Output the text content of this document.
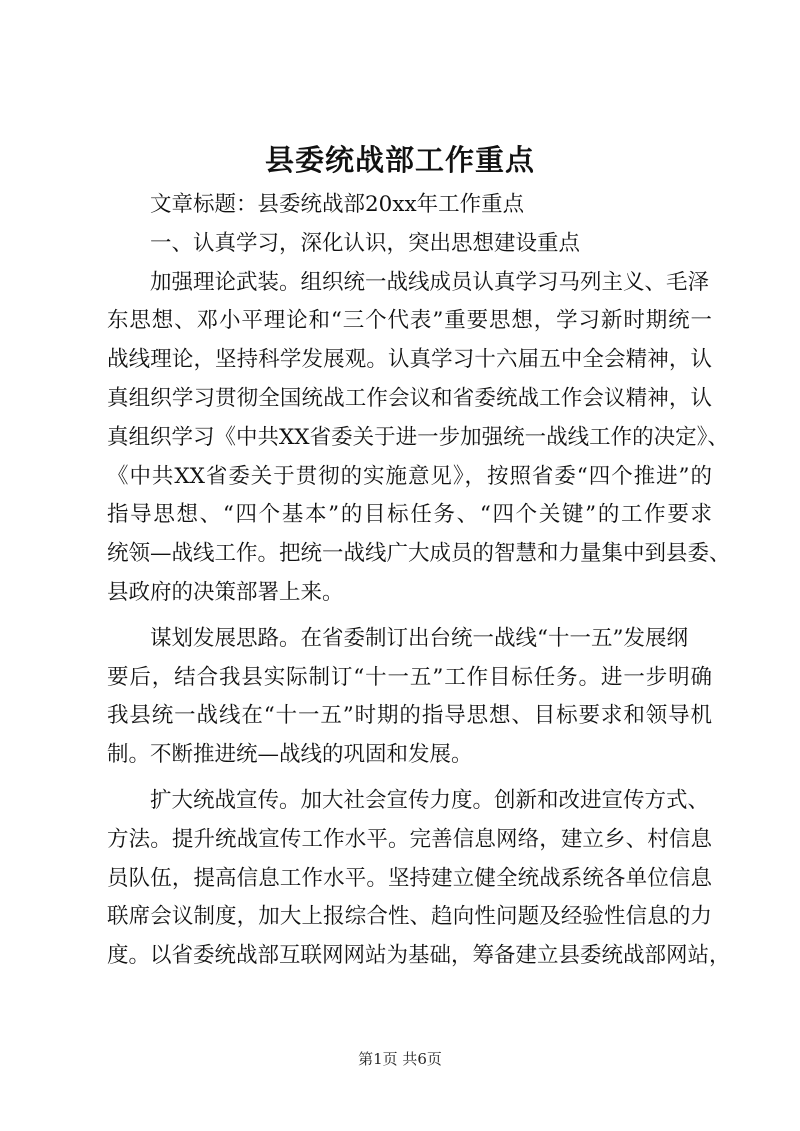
县委统战部工作重点
文章标题：县委统战部20xx年工作重点
一、认真学习，深化认识，突出思想建设重点
加强理论武装。组织统一战线成员认真学习马列主义、毛泽
东思想、邓小平理论和“三个代表”重要思想，学习新时期统一
战线理论，坚持科学发展观。认真学习十六届五中全会精神，认
真组织学习贯彻全国统战工作会议和省委统战工作会议精神，认
真组织学习《中共XX省委关于进一步加强统一战线工作的决定》、
《中共XX省委关于贯彻的实施意见》，按照省委“四个推进”的
指导思想、“四个基本”的目标任务、“四个关键”的工作要求
统领—战线工作。把统一战线广大成员的智慧和力量集中到县委、
县政府的决策部署上来。
谋划发展思路。在省委制订出台统一战线“十一五”发展纲
要后，结合我县实际制订“十一五”工作目标任务。进一步明确
我县统一战线在“十一五”时期的指导思想、目标要求和领导机
制。不断推进统—战线的巩固和发展。
扩大统战宣传。加大社会宣传力度。创新和改进宣传方式、
方法。提升统战宣传工作水平。完善信息网络，建立乡、村信息
员队伍，提高信息工作水平。坚持建立健全统战系统各单位信息
联席会议制度，加大上报综合性、趋向性问题及经验性信息的力
度。以省委统战部互联网网站为基础，筹备建立县委统战部网站，
第1页 共6页
